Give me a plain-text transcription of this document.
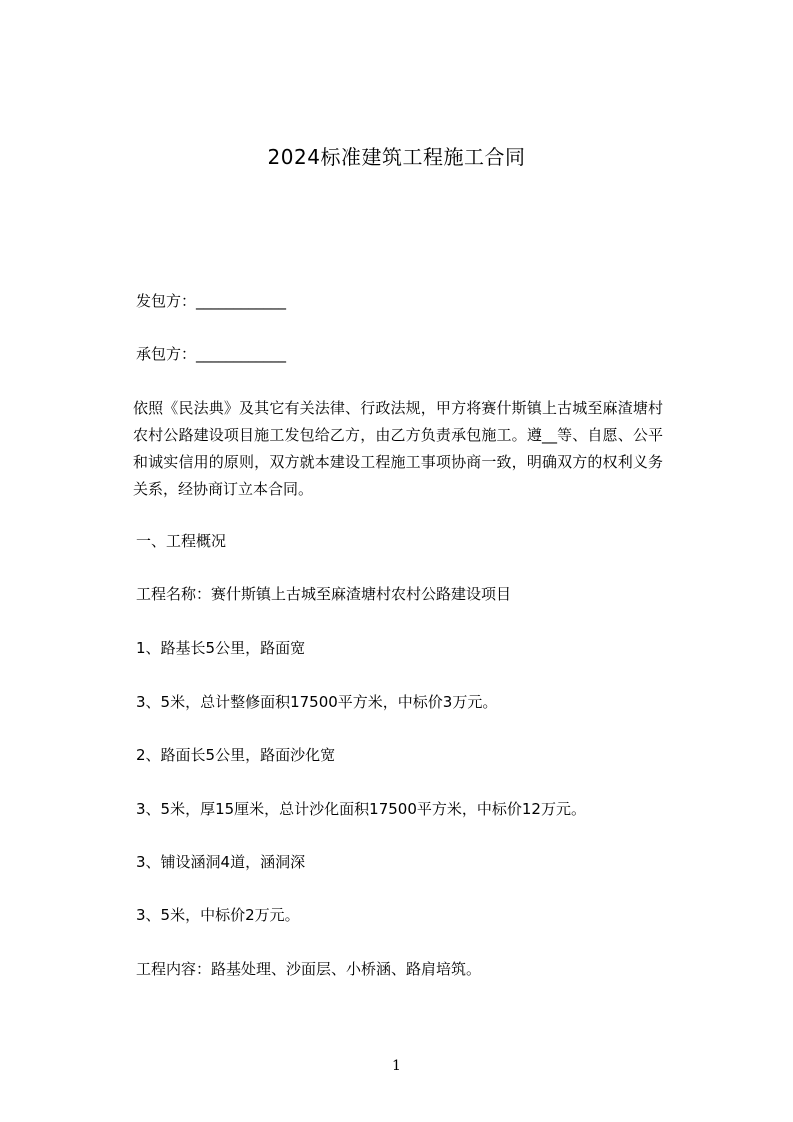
2024标准建筑工程施工合同
发包方：____________
承包方：____________
依照《民法典》及其它有关法律、行政法规，甲方将赛什斯镇上古城至麻渣塘村农村公路建设项目施工发包给乙方，由乙方负责承包施工。遵__等、自愿、公平和诚实信用的原则，双方就本建设工程施工事项协商一致，明确双方的权利义务关系，经协商订立本合同。
一、工程概况
工程名称：赛什斯镇上古城至麻渣塘村农村公路建设项目
1、路基长5公里，路面宽
3、5米，总计整修面积17500平方米，中标价3万元。
2、路面长5公里，路面沙化宽
3、5米，厚15厘米，总计沙化面积17500平方米，中标价12万元。
3、铺设涵洞4道，涵洞深
3、5米，中标价2万元。
工程内容：路基处理、沙面层、小桥涵、路肩培筑。
1
